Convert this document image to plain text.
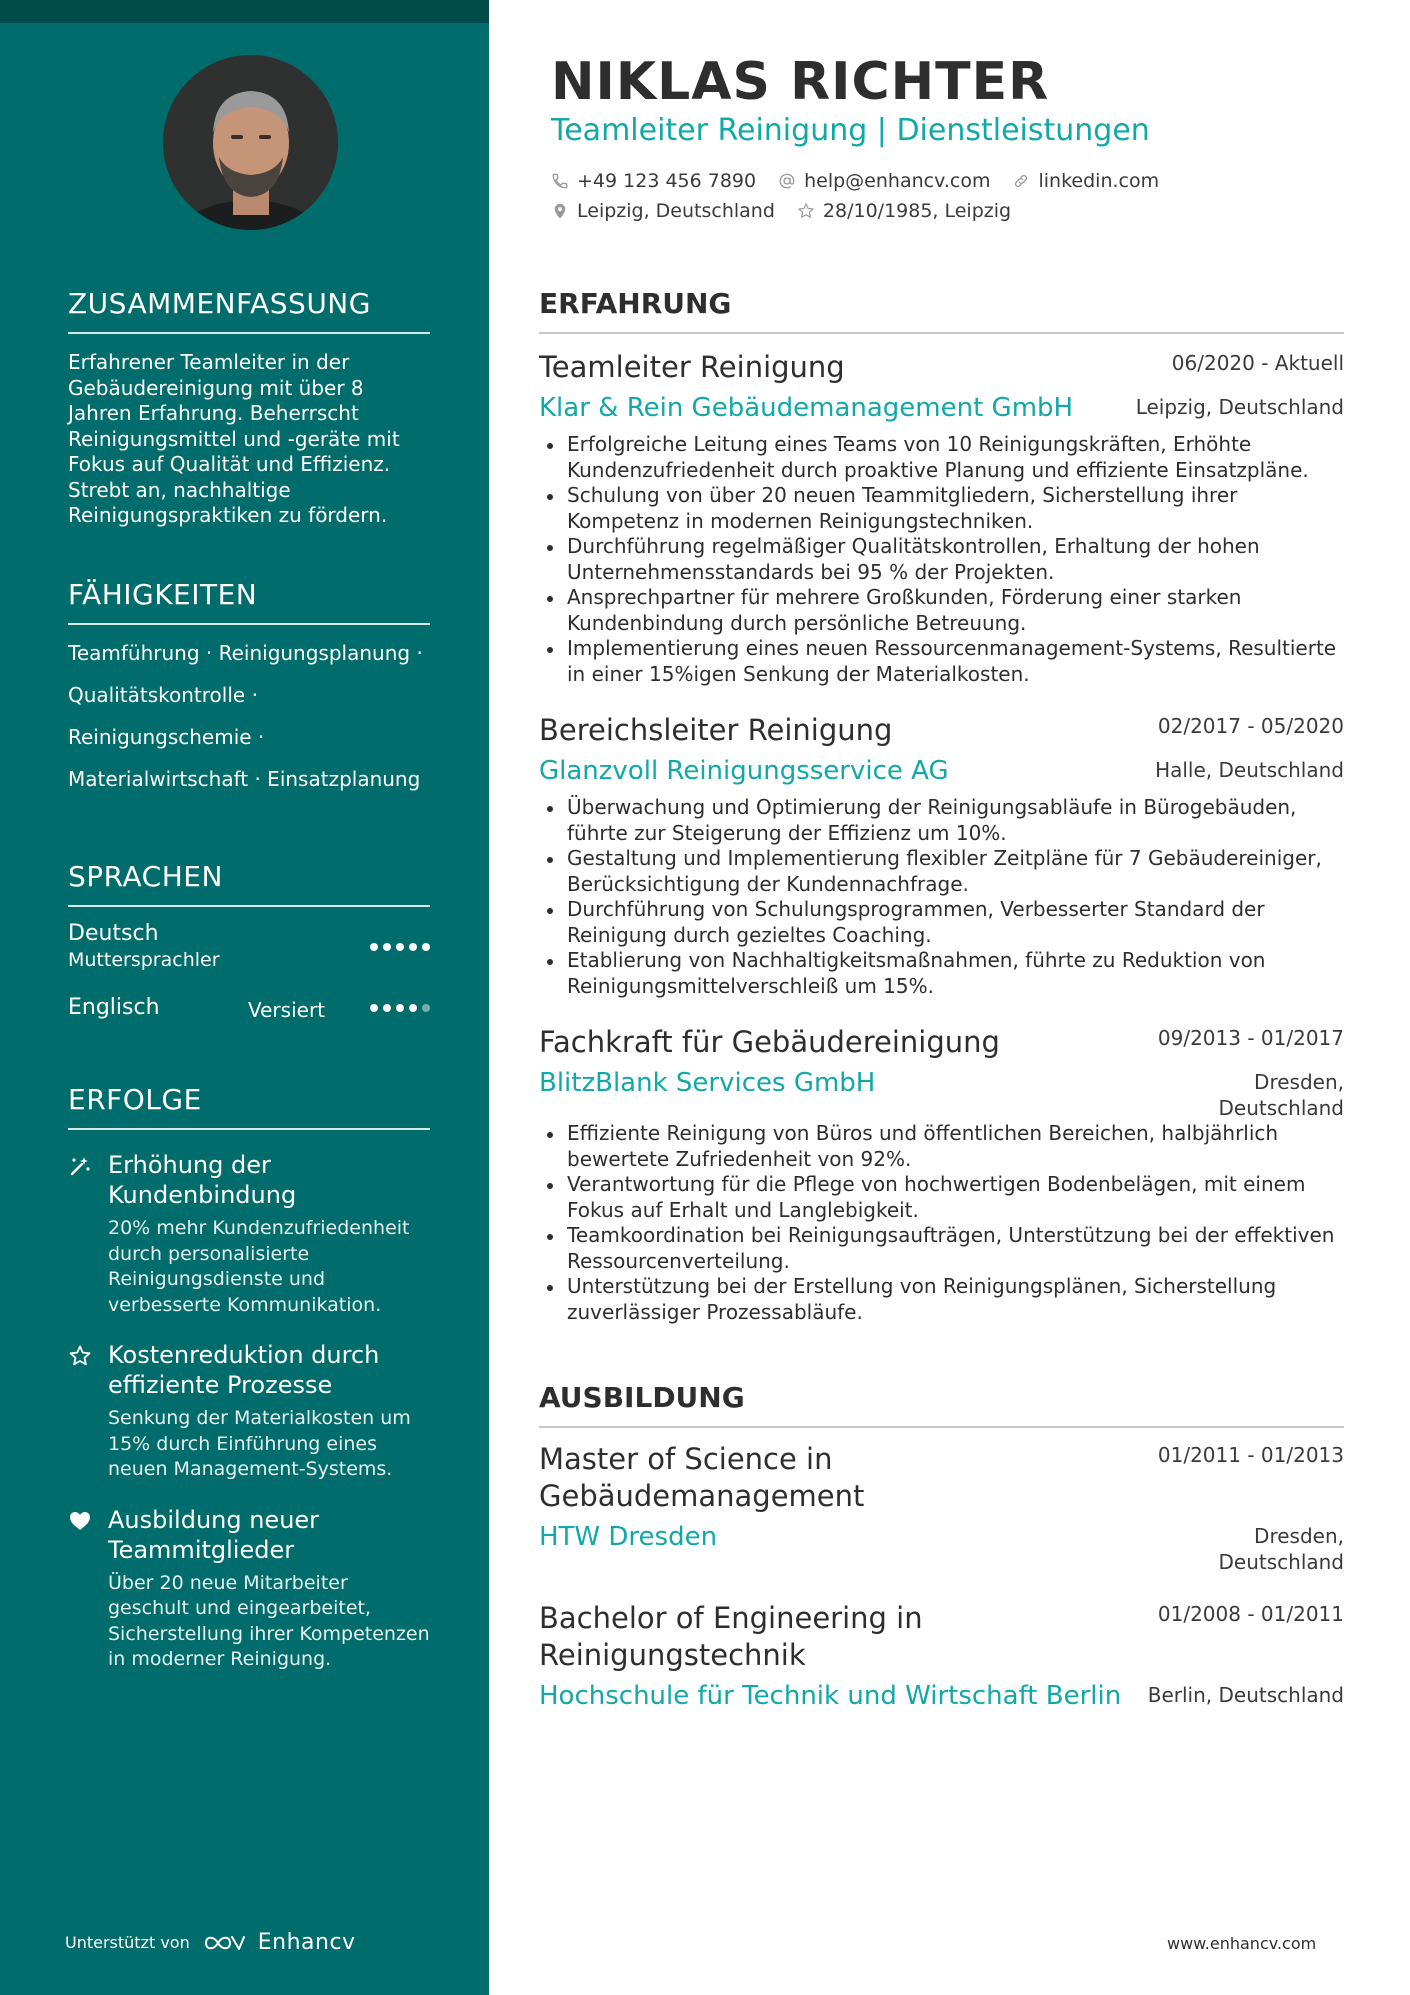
ZUSAMMENFASSUNG

Erfahrener Teamleiter in der Gebäudereinigung mit über 8 Jahren Erfahrung. Beherrscht Reinigungsmittel und -geräte mit Fokus auf Qualität und Effizienz. Strebt an, nachhaltige Reinigungspraktiken zu fördern.

FÄHIGKEITEN
Teamführung · Reinigungsplanung ·
Qualitätskontrolle ·
Reinigungschemie ·
Materialwirtschaft · Einsatzplanung
SPRACHEN
Deutsch
Muttersprachler
Englisch	Versiert
ERFOLGE
Erhöhung der Kundenbindung
20% mehr Kundenzufriedenheit durch personalisierte Reinigungsdienste und verbesserte Kommunikation.
Kostenreduktion durch effiziente Prozesse
Senkung der Materialkosten um 15% durch Einführung eines neuen Management-Systems.
Ausbildung neuer Teammitglieder
Über 20 neue Mitarbeiter geschult und eingearbeitet, Sicherstellung ihrer Kompetenzen in moderner Reinigung.
Unterstützt von	Enhancv
NIKLAS RICHTER
Teamleiter Reinigung | Dienstleistungen
+49 123 456 7890	help@enhancv.com	linkedin.com
Leipzig, Deutschland	28/10/1985, Leipzig
ERFAHRUNG
Teamleiter Reinigung	06/2020 - Aktuell
Klar & Rein Gebäudemanagement GmbH	Leipzig, Deutschland
Erfolgreiche Leitung eines Teams von 10 Reinigungskräften, Erhöhte Kundenzufriedenheit durch proaktive Planung und effiziente Einsatzpläne.
Schulung von über 20 neuen Teammitgliedern, Sicherstellung ihrer Kompetenz in modernen Reinigungstechniken.
Durchführung regelmäßiger Qualitätskontrollen, Erhaltung der hohen Unternehmensstandards bei 95 % der Projekten.
Ansprechpartner für mehrere Großkunden, Förderung einer starken Kundenbindung durch persönliche Betreuung.
Implementierung eines neuen Ressourcenmanagement-Systems, Resultierte in einer 15%igen Senkung der Materialkosten.
Bereichsleiter Reinigung	02/2017 - 05/2020
Glanzvoll Reinigungsservice AG	Halle, Deutschland
Überwachung und Optimierung der Reinigungsabläufe in Bürogebäuden, führte zur Steigerung der Effizienz um 10%.
Gestaltung und Implementierung flexibler Zeitpläne für 7 Gebäudereiniger, Berücksichtigung der Kundennachfrage.
Durchführung von Schulungsprogrammen, Verbesserter Standard der Reinigung durch gezieltes Coaching.
Etablierung von Nachhaltigkeitsmaßnahmen, führte zu Reduktion von Reinigungsmittelverschleiß um 15%.
Fachkraft für Gebäudereinigung	09/2013 - 01/2017
BlitzBlank Services GmbH	Dresden,
Deutschland
Effiziente Reinigung von Büros und öffentlichen Bereichen, halbjährlich bewertete Zufriedenheit von 92%.
Verantwortung für die Pflege von hochwertigen Bodenbelägen, mit einem Fokus auf Erhalt und Langlebigkeit.
Teamkoordination bei Reinigungsaufträgen, Unterstützung bei der effektiven Ressourcenverteilung.
Unterstützung bei der Erstellung von Reinigungsplänen, Sicherstellung zuverlässiger Prozessabläufe.
AUSBILDUNG
Master of Science in
Gebäudemanagement
01/2011 - 01/2013
HTW Dresden	Dresden,
Deutschland
Bachelor of Engineering in
Reinigungstechnik
01/2008 - 01/2011
Hochschule für Technik und Wirtschaft Berlin	Berlin, Deutschland
www.enhancv.com
